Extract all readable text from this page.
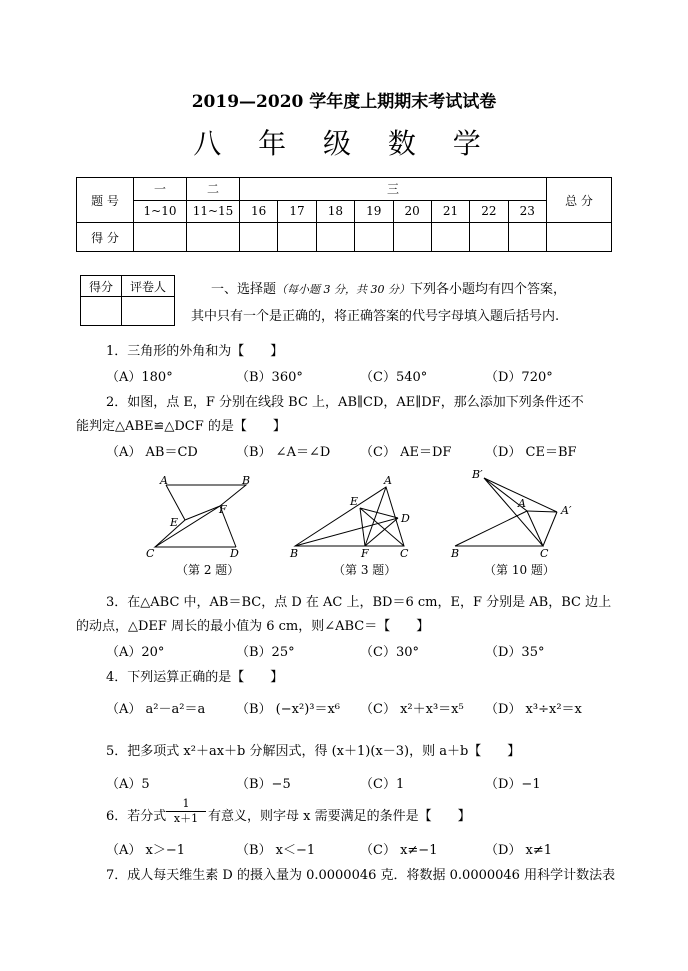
2019—2020 学年度上期期末考试试卷
八 年 级 数 学
题 号	一	二	三								总 分
	1~10	11~15	16	17	18	19	20	21	22	23	
得 分											
得分	评卷人
		一、选择题（每小题 3 分，共 30 分）下列各小题均有四个答案，
其中只有一个是正确的，将正确答案的代号字母填入题后括号内.
1．三角形的外角和为【　　】
（A）180°	（B）360°	（C）540°	（D）720°
2．如图，点 E，F 分别在线段 BC 上，AB∥CD，AE∥DF，那么添加下列条件还不
能判定△ABE≌△DCF 的是【　　】
（A） AB＝CD	（B） ∠A＝∠D （C） AE＝DF	（D） CE＝BF
A	B
E
F
C	D
（第 2 题）
A
E
D
B	F	C
（第 3 题）
B′
A
A′
B	C
（第 10 题）
3．在△ABC 中，AB＝BC，点 D 在 AC 上，BD＝6 cm，E，F 分别是 AB，BC 边上
的动点，△DEF 周长的最小值为 6 cm，则∠ABC＝【　　】
（A）20°	（B）25°	（C）30°	（D）35°
4．下列运算正确的是【　　】
（A） a²－a²＝a （B） (−x²)³＝x⁶ （C） x²＋x³＝x⁵ （D） x³÷x²＝x
5．把多项式 x²＋ax＋b 分解因式，得 (x＋1)(x－3)，则 a＋b【　　】
（A）5	（B）−5	（C）1	（D）−1
6．若分式 $\frac{1}{x+1}$ 有意义，则字母 x 需要满足的条件是【　　】
（A） x＞−1	（B） x＜−1	（C） x≠−1	（D） x≠1
7．成人每天维生素 D 的摄入量为 0.0000046 克．将数据 0.0000046 用科学计数法表
